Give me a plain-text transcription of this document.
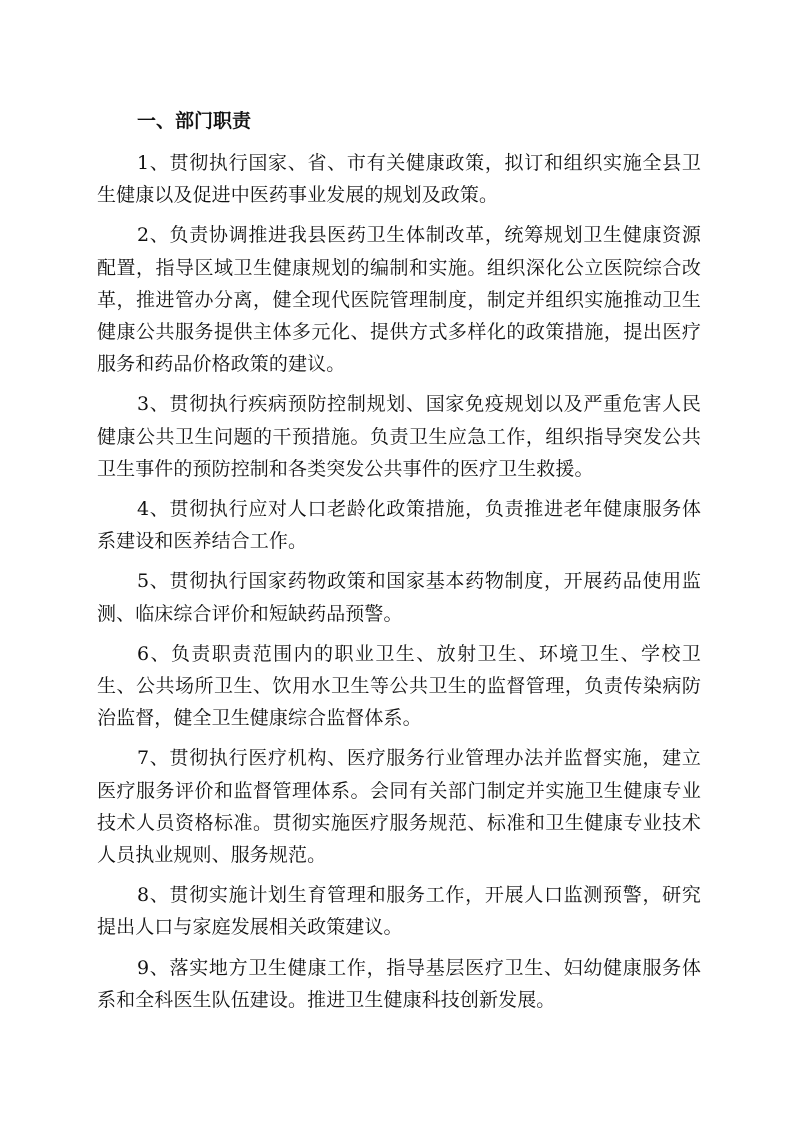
一、部门职责

1、贯彻执行国家、省、市有关健康政策，拟订和组织实施全县卫生健康以及促进中医药事业发展的规划及政策。

2、负责协调推进我县医药卫生体制改革，统筹规划卫生健康资源配置，指导区域卫生健康规划的编制和实施。组织深化公立医院综合改革，推进管办分离，健全现代医院管理制度，制定并组织实施推动卫生健康公共服务提供主体多元化、提供方式多样化的政策措施，提出医疗服务和药品价格政策的建议。

3、贯彻执行疾病预防控制规划、国家免疫规划以及严重危害人民健康公共卫生问题的干预措施。负责卫生应急工作，组织指导突发公共卫生事件的预防控制和各类突发公共事件的医疗卫生救援。

4、贯彻执行应对人口老龄化政策措施，负责推进老年健康服务体系建设和医养结合工作。

5、贯彻执行国家药物政策和国家基本药物制度，开展药品使用监测、临床综合评价和短缺药品预警。

6、负责职责范围内的职业卫生、放射卫生、环境卫生、学校卫生、公共场所卫生、饮用水卫生等公共卫生的监督管理，负责传染病防治监督，健全卫生健康综合监督体系。

7、贯彻执行医疗机构、医疗服务行业管理办法并监督实施，建立医疗服务评价和监督管理体系。会同有关部门制定并实施卫生健康专业技术人员资格标准。贯彻实施医疗服务规范、标准和卫生健康专业技术人员执业规则、服务规范。

8、贯彻实施计划生育管理和服务工作，开展人口监测预警，研究提出人口与家庭发展相关政策建议。

9、落实地方卫生健康工作，指导基层医疗卫生、妇幼健康服务体系和全科医生队伍建设。推进卫生健康科技创新发展。
